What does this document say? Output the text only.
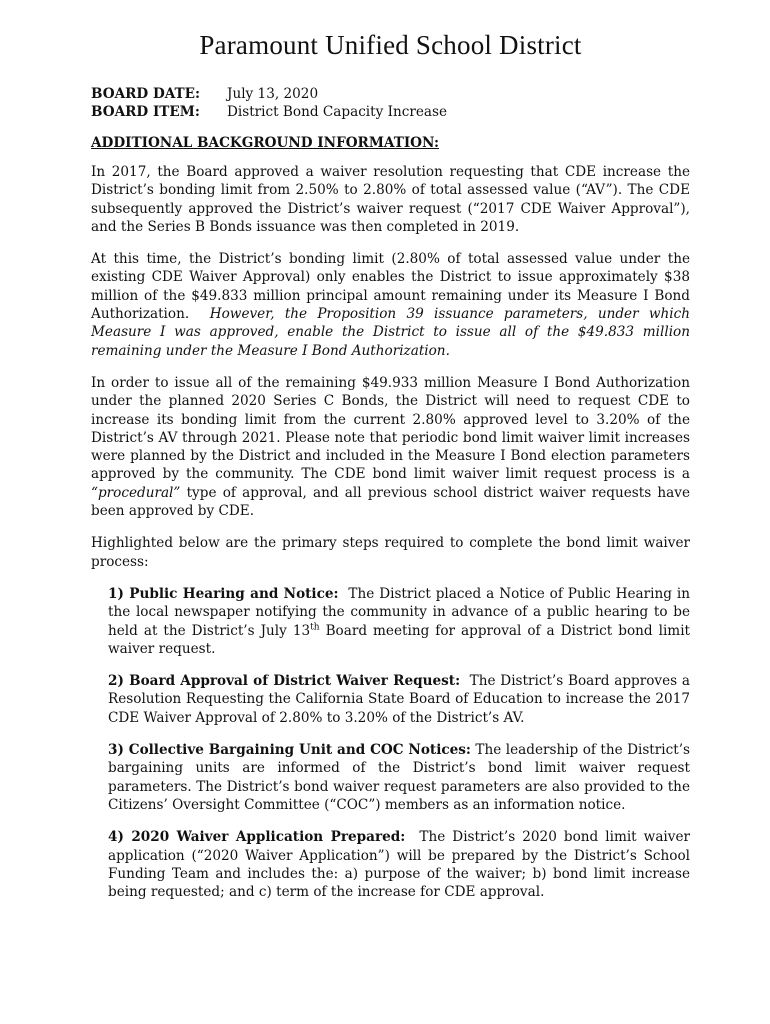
Paramount Unified School District
BOARD DATE:	July 13, 2020
BOARD ITEM:	District Bond Capacity Increase
ADDITIONAL BACKGROUND INFORMATION:

In 2017, the Board approved a waiver resolution requesting that CDE increase the District’s bonding limit from 2.50% to 2.80% of total assessed value (“AV”). The CDE subsequently approved the District’s waiver request (“2017 CDE Waiver Approval”), and the Series B Bonds issuance was then completed in 2019.

At this time, the District’s bonding limit (2.80% of total assessed value under the existing CDE Waiver Approval) only enables the District to issue approximately $38 million of the $49.833 million principal amount remaining under its Measure I Bond Authorization. However, the Proposition 39 issuance parameters, under which Measure I was approved, enable the District to issue all of the $49.833 million remaining under the Measure I Bond Authorization.

In order to issue all of the remaining $49.933 million Measure I Bond Authorization under the planned 2020 Series C Bonds, the District will need to request CDE to increase its bonding limit from the current 2.80% approved level to 3.20% of the District’s AV through 2021. Please note that periodic bond limit waiver limit increases were planned by the District and included in the Measure I Bond election parameters approved by the community. The CDE bond limit waiver limit request process is a “procedural” type of approval, and all previous school district waiver requests have been approved by CDE.

Highlighted below are the primary steps required to complete the bond limit waiver process:

1) Public Hearing and Notice: The District placed a Notice of Public Hearing in the local newspaper notifying the community in advance of a public hearing to be held at the District’s July 13th Board meeting for approval of a District bond limit waiver request.
2) Board Approval of District Waiver Request: The District’s Board approves a Resolution Requesting the California State Board of Education to increase the 2017 CDE Waiver Approval of 2.80% to 3.20% of the District’s AV.
3) Collective Bargaining Unit and COC Notices: The leadership of the District’s bargaining units are informed of the District’s bond limit waiver request parameters. The District’s bond waiver request parameters are also provided to the Citizens’ Oversight Committee (“COC”) members as an information notice.
4) 2020 Waiver Application Prepared: The District’s 2020 bond limit waiver application (“2020 Waiver Application”) will be prepared by the District’s School Funding Team and includes the: a) purpose of the waiver; b) bond limit increase being requested; and c) term of the increase for CDE approval.
